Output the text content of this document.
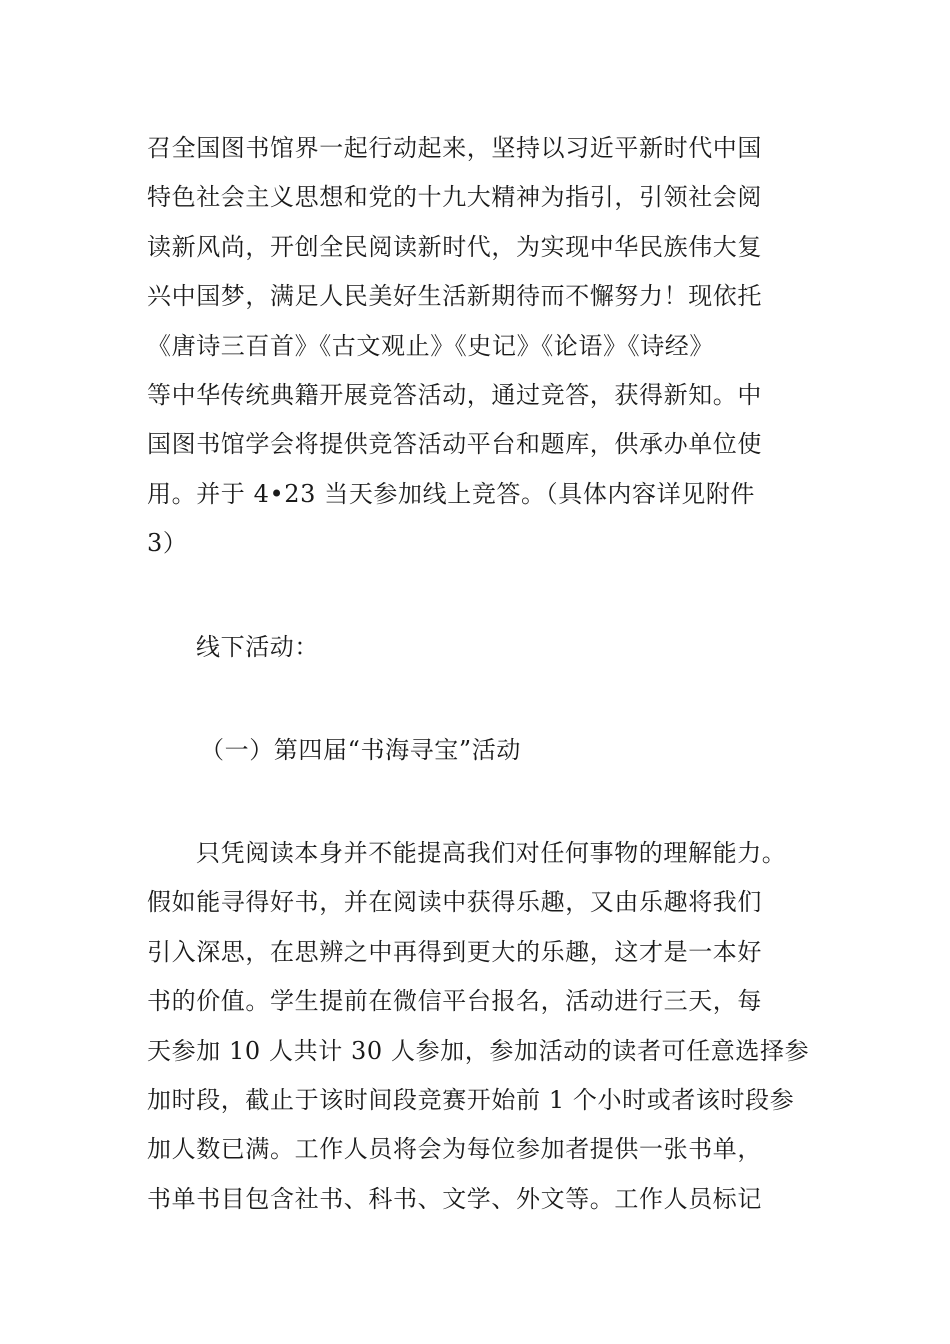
召全国图书馆界一起行动起来，坚持以习近平新时代中国
特色社会主义思想和党的十九大精神为指引，引领社会阅
读新风尚，开创全民阅读新时代，为实现中华民族伟大复
兴中国梦，满足人民美好生活新期待而不懈努力！现依托
《唐诗三百首》《古文观止》《史记》《论语》《诗经》
等中华传统典籍开展竞答活动，通过竞答，获得新知。中
国图书馆学会将提供竞答活动平台和题库，供承办单位使
用。并于 4•23 当天参加线上竞答。（具体内容详见附件
3）
线下活动：
（一）第四届“书海寻宝”活动
只凭阅读本身并不能提高我们对任何事物的理解能力。
假如能寻得好书，并在阅读中获得乐趣，又由乐趣将我们
引入深思，在思辨之中再得到更大的乐趣，这才是一本好
书的价值。学生提前在微信平台报名，活动进行三天，每
天参加 10 人共计 30 人参加，参加活动的读者可任意选择参
加时段，截止于该时间段竞赛开始前 1 个小时或者该时段参
加人数已满。工作人员将会为每位参加者提供一张书单，
书单书目包含社书、科书、文学、外文等。工作人员标记
